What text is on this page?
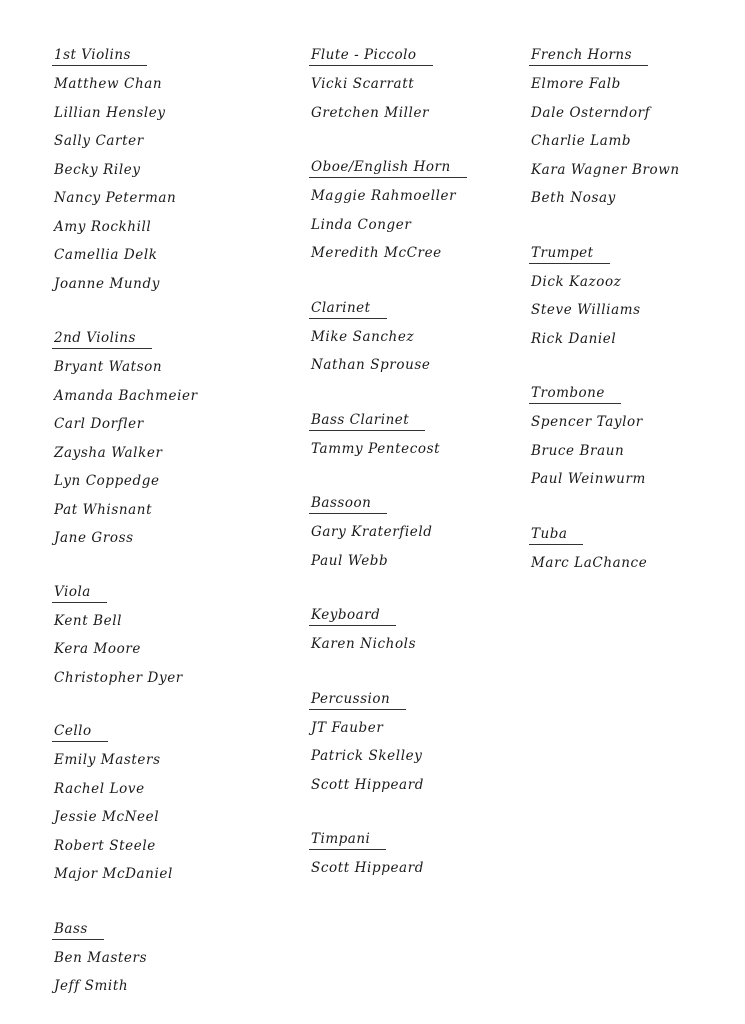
1st Violins
Matthew Chan
Lillian Hensley
Sally Carter
Becky Riley
Nancy Peterman
Amy Rockhill
Camellia Delk
Joanne Mundy
2nd Violins
Bryant Watson
Amanda Bachmeier
Carl Dorfler
Zaysha Walker
Lyn Coppedge
Pat Whisnant
Jane Gross
Viola
Kent Bell
Kera Moore
Christopher Dyer
Cello
Emily Masters
Rachel Love
Jessie McNeel
Robert Steele
Major McDaniel
Bass
Ben Masters
Jeff Smith
Flute - Piccolo
Vicki Scarratt
Gretchen Miller
Oboe/English Horn
Maggie Rahmoeller
Linda Conger
Meredith McCree
Clarinet
Mike Sanchez
Nathan Sprouse
Bass Clarinet
Tammy Pentecost
Bassoon
Gary Kraterfield
Paul Webb
Keyboard
Karen Nichols
Percussion
JT Fauber
Patrick Skelley
Scott Hippeard
Timpani
Scott Hippeard
French Horns
Elmore Falb
Dale Osterndorf
Charlie Lamb
Kara Wagner Brown
Beth Nosay
Trumpet
Dick Kazooz
Steve Williams
Rick Daniel
Trombone
Spencer Taylor
Bruce Braun
Paul Weinwurm
Tuba
Marc LaChance
